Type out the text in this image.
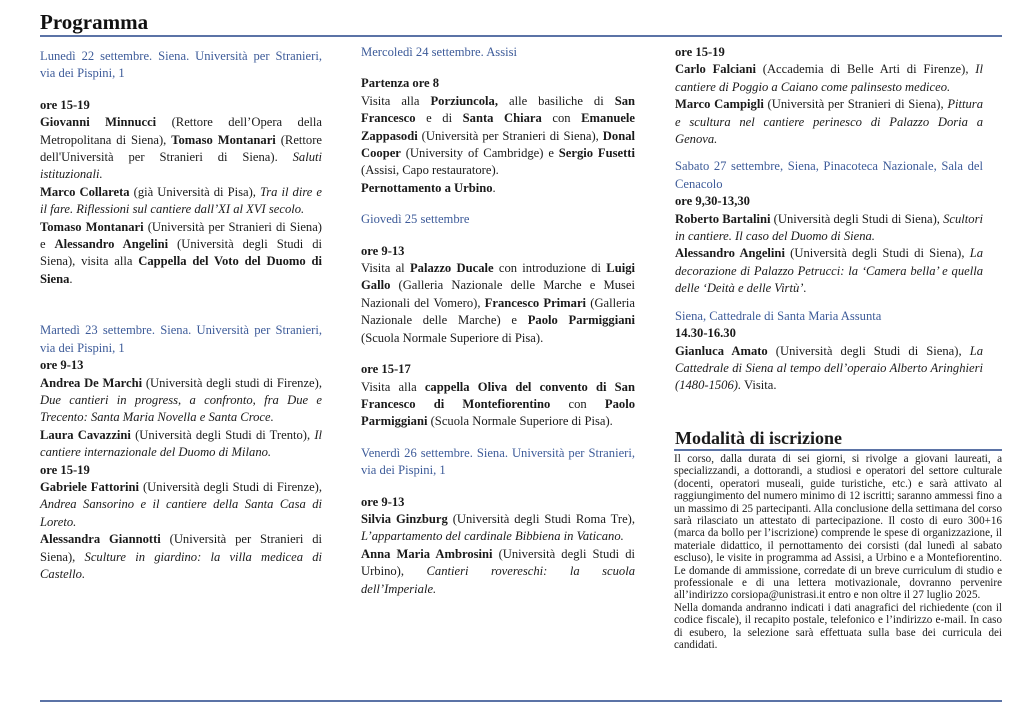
Programma

Lunedì 22 settembre. Siena. Università per Stranieri, via dei Pispini, 1

ore 15-19

Giovanni Minnucci (Rettore dell’Opera della Metropolitana di Siena), Tomaso Montanari (Rettore dell'Università per Stranieri di Siena). Saluti istituzionali.

Marco Collareta (già Università di Pisa), Tra il dire e il fare. Riflessioni sul cantiere dall’XI al XVI secolo.

Tomaso Montanari (Università per Stranieri di Siena) e Alessandro Angelini (Università degli Studi di Siena), visita alla Cappella del Voto del Duomo di Siena.

Martedì 23 settembre. Siena. Università per Stranieri, via dei Pispini, 1

ore 9-13

Andrea De Marchi (Università degli studi di Firenze), Due cantieri in progress, a confronto, fra Due e Trecento: Santa Maria Novella e Santa Croce.

Laura Cavazzini (Università degli Studi di Trento), Il cantiere internazionale del Duomo di Milano.

ore 15-19

Gabriele Fattorini (Università degli Studi di Firenze), Andrea Sansorino e il cantiere della Santa Casa di Loreto.

Alessandra Giannotti (Università per Stranieri di Siena), Sculture in giardino: la villa medicea di Castello.

Mercoledì 24 settembre. Assisi

Partenza ore 8

Visita alla Porziuncola, alle basiliche di San Francesco e di Santa Chiara con Emanuele Zappasodi (Università per Stranieri di Siena), Donal Cooper (University of Cambridge) e Sergio Fusetti (Assisi, Capo restauratore).

Pernottamento a Urbino.

Giovedì 25 settembre

ore 9-13

Visita al Palazzo Ducale con introduzione di Luigi Gallo (Galleria Nazionale delle Marche e Musei Nazionali del Vomero), Francesco Primari (Galleria Nazionale delle Marche) e Paolo Parmiggiani (Scuola Normale Superiore di Pisa).

ore 15-17

Visita alla cappella Oliva del convento di San Francesco di Montefiorentino con Paolo Parmiggiani (Scuola Normale Superiore di Pisa).

Venerdì 26 settembre. Siena. Università per Stranieri, via dei Pispini, 1

ore 9-13

Silvia Ginzburg (Università degli Studi Roma Tre), L’appartamento del cardinale Bibbiena in Vaticano.

Anna Maria Ambrosini (Università degli Studi di Urbino), Cantieri rovereschi: la scuola dell’Imperiale.

ore 15-19

Carlo Falciani (Accademia di Belle Arti di Firenze), Il cantiere di Poggio a Caiano come palinsesto mediceo.

Marco Campigli (Università per Stranieri di Siena), Pittura e scultura nel cantiere perinesco di Palazzo Doria a Genova.

Sabato 27 settembre, Siena, Pinacoteca Nazionale, Sala del Cenacolo

ore 9,30-13,30

Roberto Bartalini (Università degli Studi di Siena), Scultori in cantiere. Il caso del Duomo di Siena.

Alessandro Angelini (Università degli Studi di Siena), La decorazione di Palazzo Petrucci: la ‘Camera bella’ e quella delle ‘Deità e delle Virtù’.

Siena, Cattedrale di Santa Maria Assunta

14.30-16.30

Gianluca Amato (Università degli Studi di Siena), La Cattedrale di Siena al tempo dell’operaio Alberto Aringhieri (1480-1506). Visita.

Modalità di iscrizione

Il corso, dalla durata di sei giorni, si rivolge a giovani laureati, a specializzandi, a dottorandi, a studiosi e operatori del settore culturale (docenti, operatori museali, guide turistiche, etc.) e sarà attivato al raggiungimento del numero minimo di 12 iscritti; saranno ammessi fino a un massimo di 25 partecipanti. Alla conclusione della settimana del corso sarà rilasciato un attestato di partecipazione. Il costo di euro 300+16 (marca da bollo per l’iscrizione) comprende le spese di organizzazione, il materiale didattico, il pernottamento dei corsisti (dal lunedì al sabato escluso), le visite in programma ad Assisi, a Urbino e a Montefiorentino. Le domande di ammissione, corredate di un breve curriculum di studio e professionale e di una lettera motivazionale, dovranno pervenire all’indirizzo corsiopa@unistrasi.it entro e non oltre il 27 luglio 2025.

Nella domanda andranno indicati i dati anagrafici del richiedente (con il codice fiscale), il recapito postale, telefonico e l’indirizzo e-mail. In caso di esubero, la selezione sarà effettuata sulla base dei curricula dei candidati.
